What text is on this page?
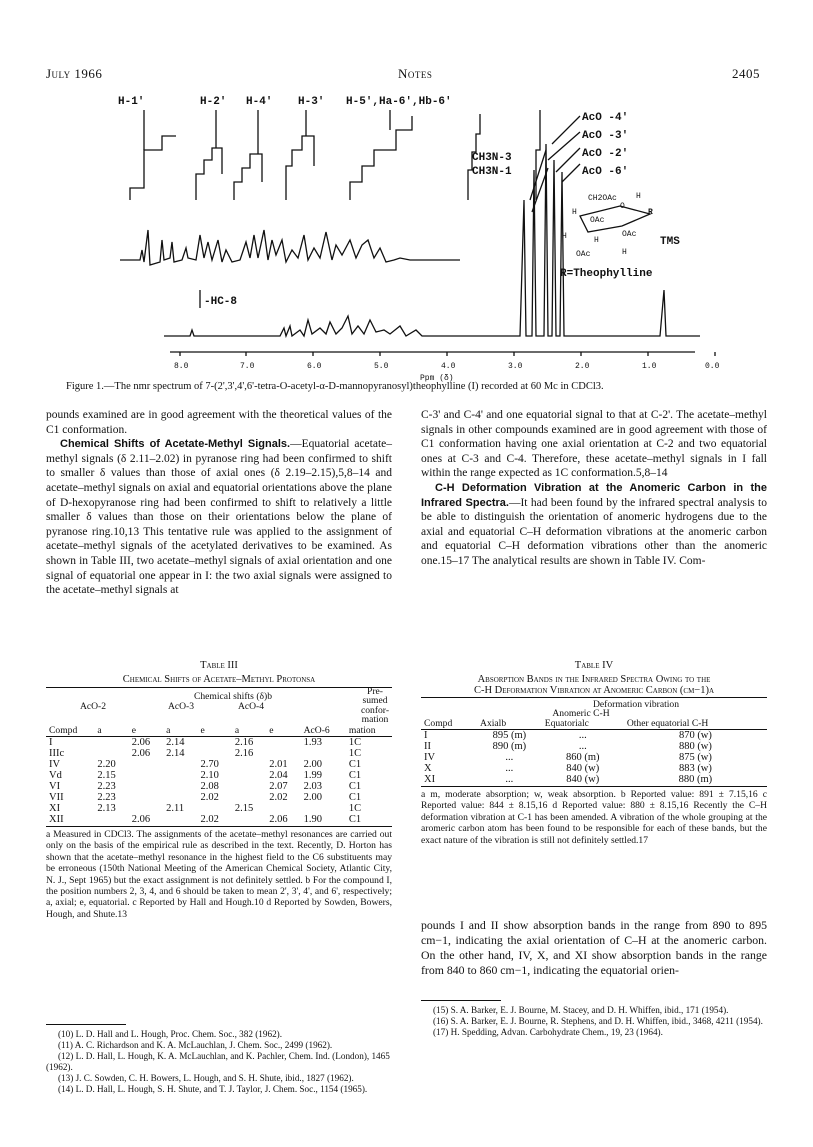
July 1966	Notes	2405
H-1'	H-2' H-4' H-3' H-5',Ha-6',Hb-6'
CH3N-3
CH3N-1
AcO -4'
AcO -3'
AcO -2'
AcO -6'
-HC-8
TMS
R=Theophylline
CH2OAc H
H
OAc
OAc
OAc
H	H
H
R
O
8.0	7.0	6.0	5.0	4.0	3.0	2.0	1.0	0.0
Ppm (δ)
Figure 1.—The nmr spectrum of 7-(2',3',4',6'-tetra-O-acetyl-α-D-mannopyranosyl)theophylline (I) recorded at 60 Mc in CDCl3.

pounds examined are in good agreement with the theoretical values of the C1 conformation.

Chemical Shifts of Acetate-Methyl Signals.—Equatorial acetate–methyl signals (δ 2.11–2.02) in pyranose ring had been confirmed to shift to smaller δ values than those of axial ones (δ 2.19–2.15),5,8–14 and acetate–methyl signals on axial and equatorial orientations above the plane of D-hexopyranose ring had been confirmed to shift to relatively a little smaller δ values than those on their orientations below the plane of pyranose ring.10,13 This tentative rule was applied to the assignment of acetate–methyl signals of the acetylated derivatives to be examined. As shown in Table III, two acetate–methyl signals of axial orientation and one signal of equatorial one appear in I: the two axial signals were assigned to the acetate–methyl signals at

C-3' and C-4' and one equatorial signal to that at C-2'. The acetate–methyl signals in other compounds examined are in good agreement with those of C1 conformation having one axial orientation at C-2 and two equatorial ones at C-3 and C-4. Therefore, these acetate–methyl signals in I fall within the range expected as 1C conformation.5,8–14

C-H Deformation Vibration at the Anomeric Carbon in the Infrared Spectra.—It had been found by the infrared spectral analysis to be able to distinguish the orientation of anomeric hydrogens due to the axial and equatorial C–H deformation vibrations at the anomeric carbon and equatorial C–H deformation vibrations other than the anomeric one.15–17 The analytical results are shown in Table IV. Com-

Table III
Chemical Shifts of Acetate–Methyl Protonsa
Chemical shifts (δ)b
AcO-2	AcO-3	AcO-4
Pre-
sumed
confor-
mation
Compd	a	e	a	e	a	e	AcO-6	mation
I		2.06	2.14		2.16		1.93	1C
IIIc		2.06	2.14		2.16			1C
IV	2.20			2.70		2.01	2.00	C1
Vd	2.15			2.10		2.04	1.99	C1
VI	2.23			2.08		2.07	2.03	C1
VII	2.23			2.02		2.02	2.00	C1
XI	2.13		2.11		2.15			1C
XII		2.06		2.02		2.06	1.90	C1
a Measured in CDCl3. The assignments of the acetate–methyl resonances are carried out only on the basis of the empirical rule as described in the text. Recently, D. Horton has shown that the acetate–methyl resonance in the highest field to the C6 substituents may be erroneous (150th National Meeting of the American Chemical Society, Atlantic City, N. J., Sept 1965) but the exact assignment is not definitely settled. b For the compound I, the position numbers 2, 3, 4, and 6 should be taken to mean 2', 3', 4', and 6', respectively; a, axial; e, equatorial. c Reported by Hall and Hough.10 d Reported by Sowden, Bowers, Hough, and Shute.13
Table IV
Absorption Bands in the Infrared Spectra Owing to the
C-H Deformation Vibration at Anomeric Carbon (cm−1)a
Deformation vibration
Anomeric C-H
Compd	Axialb	Equatorialc	Other equatorial C-H
I	895 (m)	...	870 (w)
II	890 (m)	...	880 (w)
IV	...	860 (m)	875 (w)
X	...	840 (w)	883 (w)
XI	...	840 (w)	880 (m)
a m, moderate absorption; w, weak absorption. b Reported value: 891 ± 7.15,16 c Reported value: 844 ± 8.15,16 d Reported value: 880 ± 8.15,16 Recently the C–H deformation vibration at C-1 has been amended. A vibration of the whole grouping at the aromeric carbon atom has been found to be responsible for each of these bands, but the exact nature of the vibration is still not definitely settled.17

pounds I and II show absorption bands in the range from 890 to 895 cm−1, indicating the axial orientation of C–H at the anomeric carbon. On the other hand, IV, X, and XI show absorption bands in the range from 840 to 860 cm−1, indicating the equatorial orien-

(10) L. D. Hall and L. Hough, Proc. Chem. Soc., 382 (1962).
(11) A. C. Richardson and K. A. McLauchlan, J. Chem. Soc., 2499 (1962).
(12) L. D. Hall, L. Hough, K. A. McLauchlan, and K. Pachler, Chem. Ind. (London), 1465 (1962).
(13) J. C. Sowden, C. H. Bowers, L. Hough, and S. H. Shute, ibid., 1827 (1962).
(14) L. D. Hall, L. Hough, S. H. Shute, and T. J. Taylor, J. Chem. Soc., 1154 (1965).
(15) S. A. Barker, E. J. Bourne, M. Stacey, and D. H. Whiffen, ibid., 171 (1954).
(16) S. A. Barker, E. J. Bourne, R. Stephens, and D. H. Whiffen, ibid., 3468, 4211 (1954).
(17) H. Spedding, Advan. Carbohydrate Chem., 19, 23 (1964).
